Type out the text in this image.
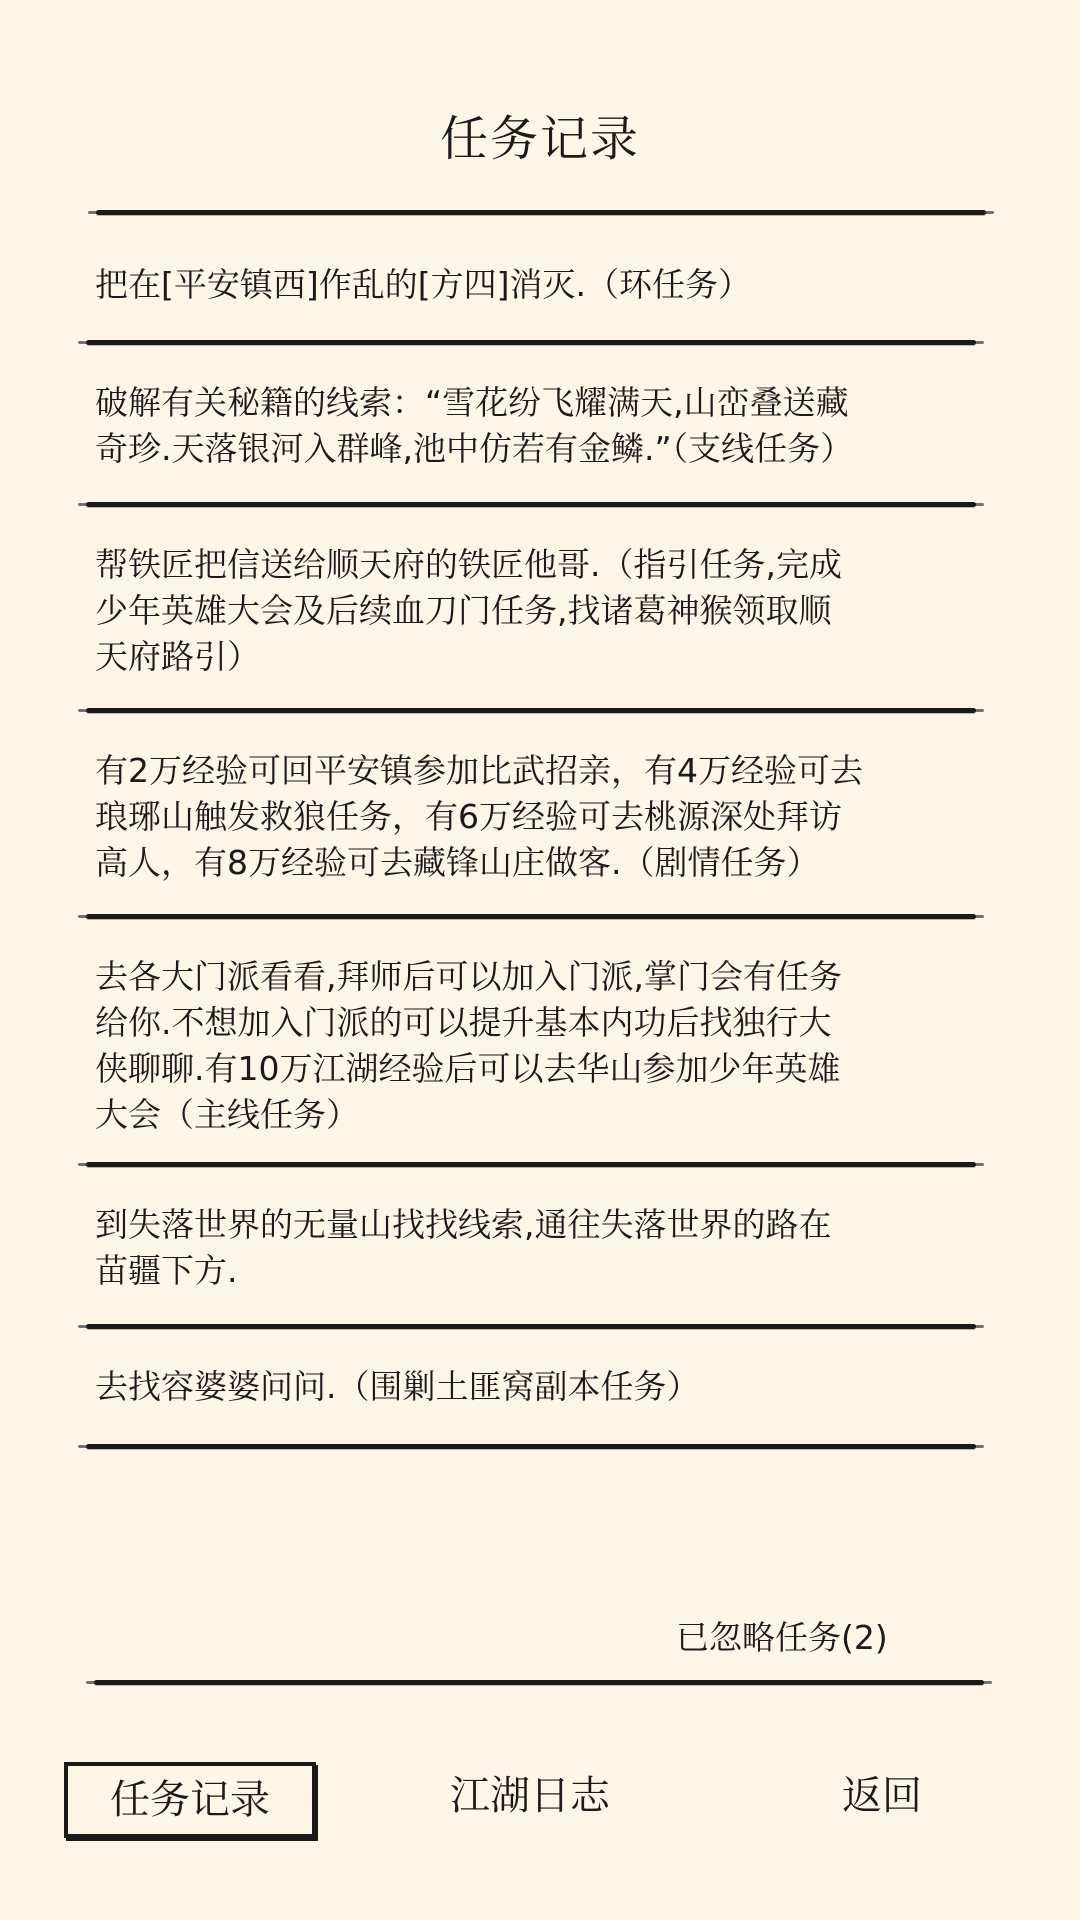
任务记录
把在[平安镇西]作乱的[方四]消灭.（环任务）
破解有关秘籍的线索：“雪花纷飞耀满天,山峦叠送藏
奇珍.天落银河入群峰,池中仿若有金鳞.”（支线任务）
帮铁匠把信送给顺天府的铁匠他哥.（指引任务,完成
少年英雄大会及后续血刀门任务,找诸葛神猴领取顺
天府路引）
有2万经验可回平安镇参加比武招亲，有4万经验可去
琅琊山触发救狼任务，有6万经验可去桃源深处拜访
高人，有8万经验可去藏锋山庄做客.（剧情任务）
去各大门派看看,拜师后可以加入门派,掌门会有任务
给你.不想加入门派的可以提升基本内功后找独行大
侠聊聊.有10万江湖经验后可以去华山参加少年英雄
大会（主线任务）
到失落世界的无量山找找线索,通往失落世界的路在
苗疆下方.
去找容婆婆问问.（围剿土匪窝副本任务）
已忽略任务(2)
任务记录	江湖日志	返回
